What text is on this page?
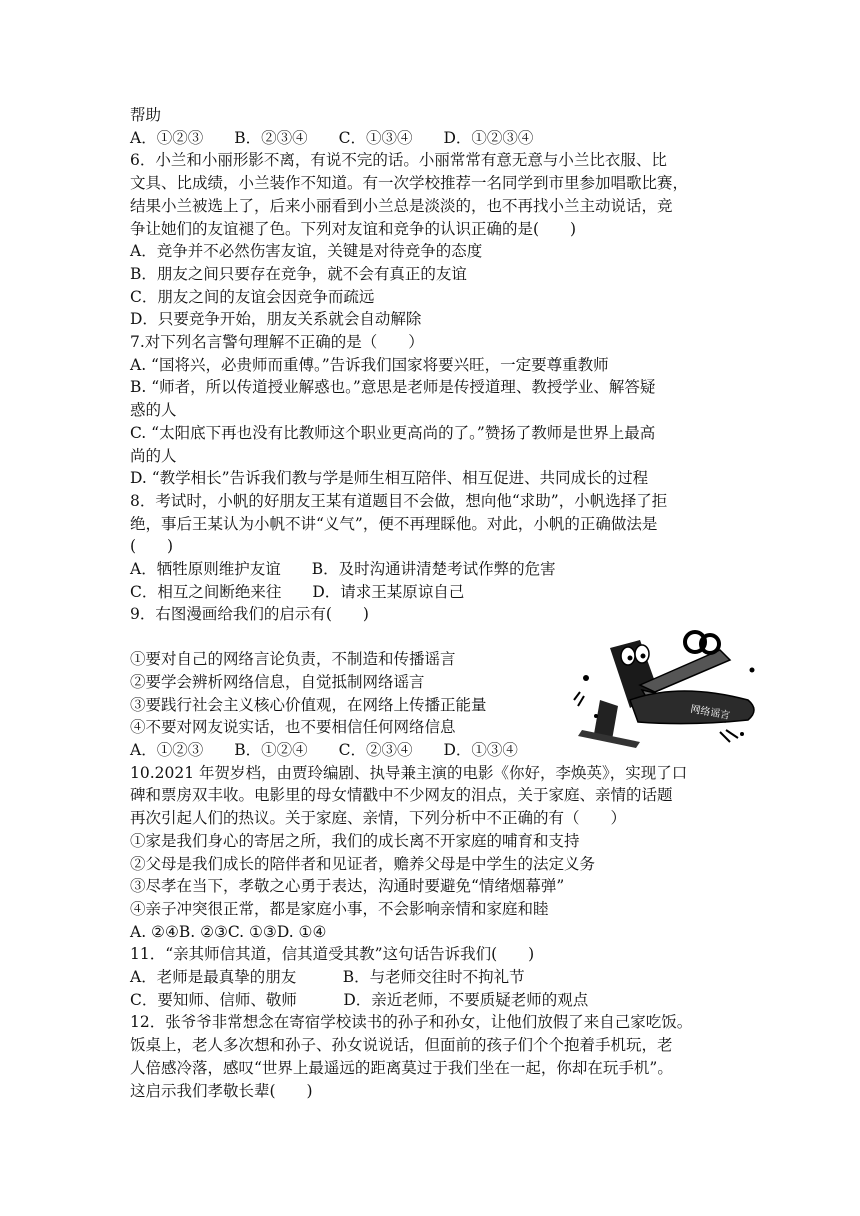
帮助
A．①②③　　B．②③④　　C．①③④　　D．①②③④
6．小兰和小丽形影不离，有说不完的话。小丽常常有意无意与小兰比衣服、比
文具、比成绩，小兰装作不知道。有一次学校推荐一名同学到市里参加唱歌比赛，
结果小兰被选上了，后来小丽看到小兰总是淡淡的，也不再找小兰主动说话，竞
争让她们的友谊褪了色。下列对友谊和竞争的认识正确的是(　　)
A．竞争并不必然伤害友谊，关键是对待竞争的态度
B．朋友之间只要存在竞争，就不会有真正的友谊
C．朋友之间的友谊会因竞争而疏远
D．只要竞争开始，朋友关系就会自动解除
7.对下列名言警句理解不正确的是（　　）
A. “国将兴，必贵师而重傅。”告诉我们国家将要兴旺，一定要尊重教师
B. “师者，所以传道授业解惑也。”意思是老师是传授道理、教授学业、解答疑
惑的人
C. “太阳底下再也没有比教师这个职业更高尚的了。”赞扬了教师是世界上最高
尚的人
D. “教学相长”告诉我们教与学是师生相互陪伴、相互促进、共同成长的过程
8．考试时，小帆的好朋友王某有道题目不会做，想向他“求助”，小帆选择了拒
绝，事后王某认为小帆不讲“义气”，便不再理睬他。对此，小帆的正确做法是
(　　)
A．牺牲原则维护友谊　　B．及时沟通讲清楚考试作弊的危害
C．相互之间断绝来往　　D．请求王某原谅自己
9．右图漫画给我们的启示有(　　)
①要对自己的网络言论负责，不制造和传播谣言
②要学会辨析网络信息，自觉抵制网络谣言
③要践行社会主义核心价值观，在网络上传播正能量
④不要对网友说实话，也不要相信任何网络信息
A．①②③　　B．①②④　　C．②③④　　D．①③④
10.2021 年贺岁档，由贾玲编剧、执导兼主演的电影《你好，李焕英》，实现了口
碑和票房双丰收。电影里的母女情戳中不少网友的泪点，关于家庭、亲情的话题
再次引起人们的热议。关于家庭、亲情，下列分析中不正确的有（　　）
①家是我们身心的寄居之所，我们的成长离不开家庭的哺育和支持
②父母是我们成长的陪伴者和见证者，赡养父母是中学生的法定义务
③尽孝在当下，孝敬之心勇于表达，沟通时要避免“情绪烟幕弹”
④亲子冲突很正常，都是家庭小事，不会影响亲情和家庭和睦
A. ②④B. ②③C. ①③D. ①④
11．“亲其师信其道，信其道受其教”这句话告诉我们(　　)
A．老师是最真挚的朋友　　　B．与老师交往时不拘礼节
C．要知师、信师、敬师　　　D．亲近老师，不要质疑老师的观点
12．张爷爷非常想念在寄宿学校读书的孙子和孙女，让他们放假了来自己家吃饭。
饭桌上，老人多次想和孙子、孙女说说话，但面前的孩子们个个抱着手机玩，老
人倍感冷落，感叹“世界上最遥远的距离莫过于我们坐在一起，你却在玩手机”。
这启示我们孝敬长辈(　　)
网络谣言
